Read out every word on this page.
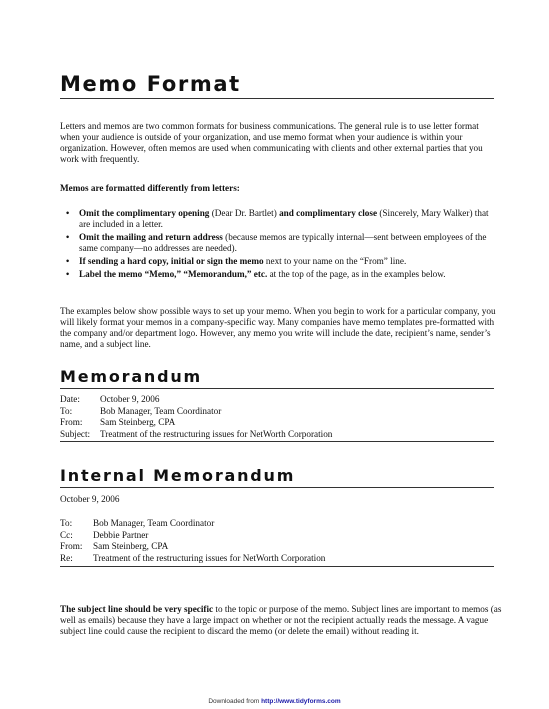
Memo Format

Letters and memos are two common formats for business communications. The general rule is to use letter format when your audience is outside of your organization, and use memo format when your audience is within your organization. However, often memos are used when communicating with clients and other external parties that you work with frequently.

Memos are formatted differently from letters:

• Omit the complimentary opening (Dear Dr. Bartlet) and complimentary close (Sincerely, Mary Walker) that are included in a letter.
• Omit the mailing and return address (because memos are typically internal—sent between employees of the same company—no addresses are needed).
• If sending a hard copy, initial or sign the memo next to your name on the “From” line.
• Label the memo “Memo,” “Memorandum,” etc. at the top of the page, as in the examples below.

The examples below show possible ways to set up your memo. When you begin to work for a particular company, you will likely format your memos in a company-specific way. Many companies have memo templates pre-formatted with the company and/or department logo. However, any memo you write will include the date, recipient’s name, sender’s name, and a subject line.

Memorandum
Date:	October 9, 2006
To:	Bob Manager, Team Coordinator
From:	Sam Steinberg, CPA
Subject:	Treatment of the restructuring issues for NetWorth Corporation
Internal Memorandum

October 9, 2006

To:	Bob Manager, Team Coordinator
Cc:	Debbie Partner
From:	Sam Steinberg, CPA
Re:	Treatment of the restructuring issues for NetWorth Corporation

The subject line should be very specific to the topic or purpose of the memo. Subject lines are important to memos (as well as emails) because they have a large impact on whether or not the recipient actually reads the message. A vague subject line could cause the recipient to discard the memo (or delete the email) without reading it.

Downloaded from http://www.tidyforms.com
